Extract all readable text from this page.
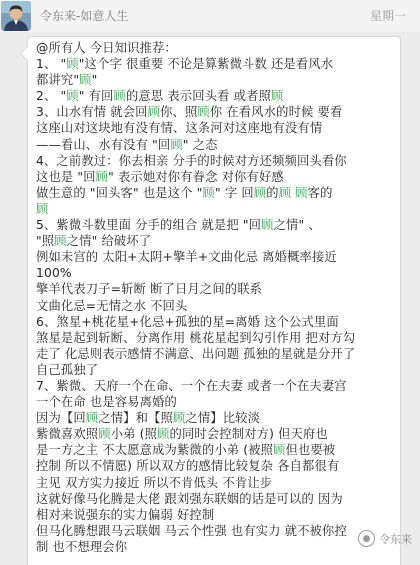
令东来-如意人生	星期一
@所有人 今日知识推荐：
1、 "顾"这个字 很重要 不论是算紫微斗数 还是看风水
都讲究"顾"
2、 "顾" 有回顾的意思 表示回头看 或者照顾
3、山水有情 就会回顾你、照顾你 在看风水的时候 要看
这座山对这块地有没有情、这条河对这座地有没有情
——看山、水有没有 "回顾" 之态
4、之前教过：你去相亲 分手的时候对方还频频回头看你
这也是 "回顾" 表示她对你有眷念 对你有好感
做生意的 "回头客" 也是这个 "顾" 字 回顾的顾 顾客的
顾
5、紫微斗数里面 分手的组合 就是把 "回顾之情" 、
"照顾之情" 给破坏了
例如未宫的 太阳+太阴+擎羊+文曲化忌 离婚概率接近
100%
擎羊代表刀子=斩断 断了日月之间的联系
文曲化忌=无情之水 不回头
6、煞星+桃花星+化忌+孤独的星=离婚 这个公式里面
煞星是起到斩断、分离作用 桃花星起到勾引作用 把对方勾
走了 化忌则表示感情不满意、出问题 孤独的星就是分开了
自己孤独了
7、紫微、天府一个在命、一个在夫妻 或者一个在夫妻宫
一个在命 也是容易离婚的
因为【回顾之情】和【照顾之情】比较淡
紫微喜欢照顾小弟 (照顾的同时会控制对方) 但天府也
是一方之主 不太愿意成为紫微的小弟 (被照顾但也要被
控制 所以不情愿) 所以双方的感情比较复杂 各自都很有
主见 双方实力接近 所以不肯低头 不肯让步
这就好像马化腾是大佬 跟刘强东联姻的话是可以的 因为
相对来说强东的实力偏弱 好控制
但马化腾想跟马云联姻 马云个性强 也有实力 就不被你控
制 也不想理会你
● 令东来
